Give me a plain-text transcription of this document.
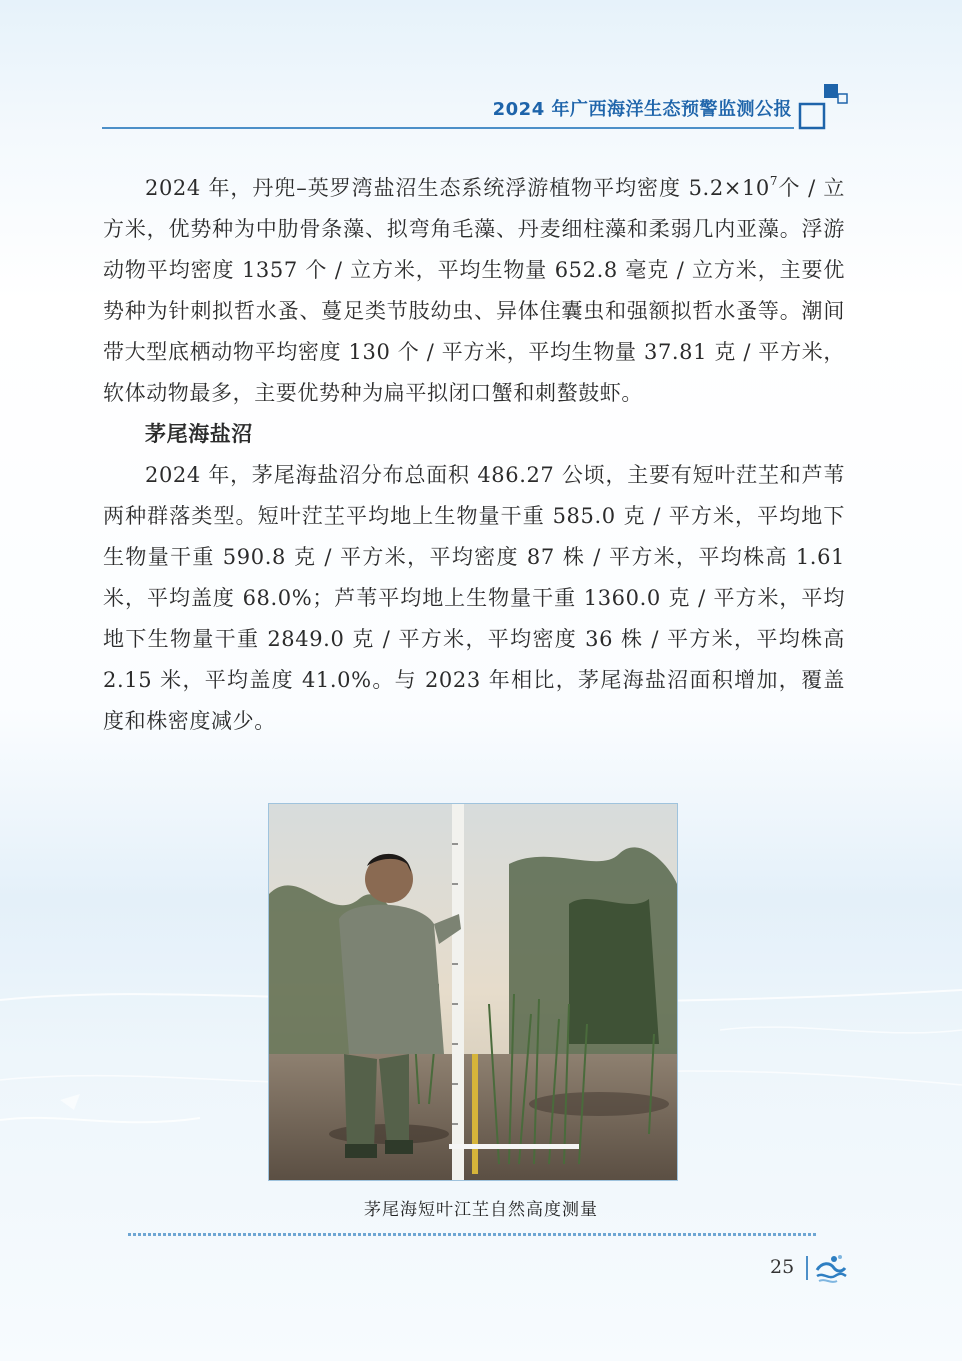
2024 年广西海洋生态预警监测公报

2024 年，丹兜–英罗湾盐沼生态系统浮游植物平均密度 $5.2\times 10^7$个 / 立方米，优势种为中肋骨条藻、拟弯角毛藻、丹麦细柱藻和柔弱几内亚藻。浮游动物平均密度 1357 个 / 立方米，平均生物量 652.8 毫克 / 立方米，主要优势种为针刺拟哲水蚤、蔓足类节肢幼虫、异体住囊虫和强额拟哲水蚤等。潮间带大型底栖动物平均密度 130 个 / 平方米，平均生物量 37.81 克 / 平方米，软体动物最多，主要优势种为扁平拟闭口蟹和刺螯鼓虾。

茅尾海盐沼

2024 年，茅尾海盐沼分布总面积 486.27 公顷，主要有短叶茳芏和芦苇两种群落类型。短叶茳芏平均地上生物量干重 585.0 克 / 平方米，平均地下生物量干重 590.8 克 / 平方米，平均密度 87 株 / 平方米，平均株高 1.61 米，平均盖度 68.0%；芦苇平均地上生物量干重 1360.0 克 / 平方米，平均地下生物量干重 2849.0 克 / 平方米，平均密度 36 株 / 平方米，平均株高 2.15 米，平均盖度 41.0%。与 2023 年相比，茅尾海盐沼面积增加，覆盖度和株密度减少。

茅尾海短叶江芏自然高度测量
25
